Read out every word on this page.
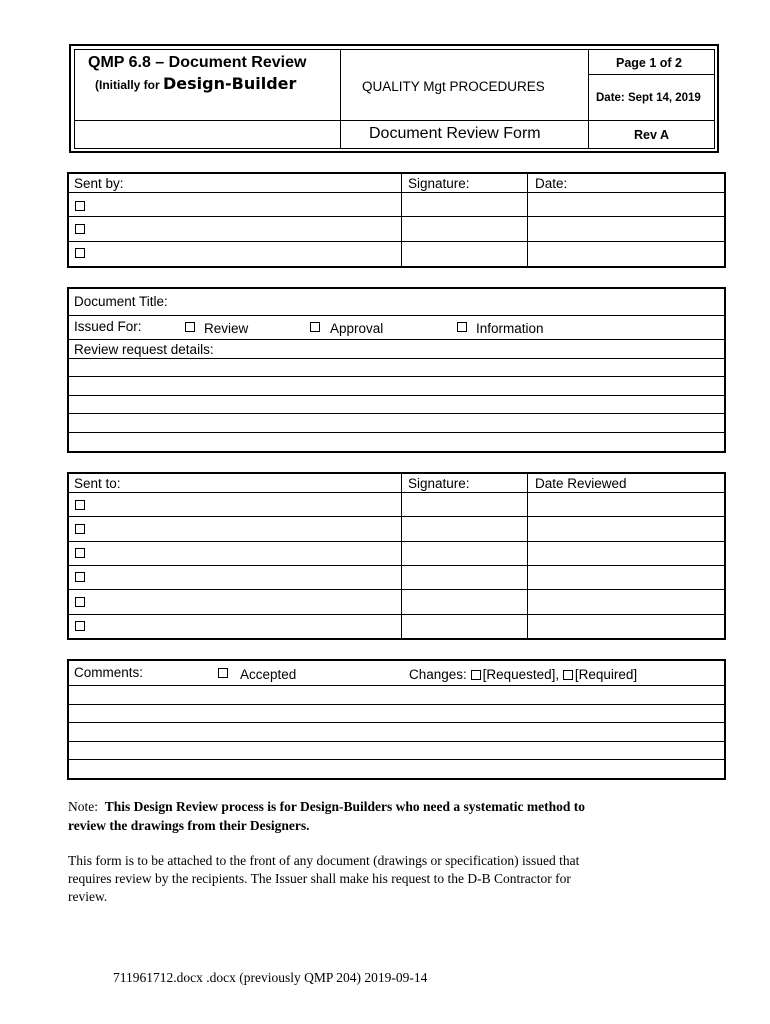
QMP 6.8 – Document Review
(Initially for Design-Builder	QUALITY Mgt PROCEDURES
Page 1 of 2
Date: Sept 14, 2019
Document Review Form	Rev A
Sent by:	Signature:	Date:
Document Title:
Issued For:	Review	Approval	Information
Review request details:
Sent to:	Signature:	Date Reviewed
Comments:	Accepted	Changes: [Requested], [Required]
Note: This Design Review process is for Design-Builders who need a systematic method to
review the drawings from their Designers.
This form is to be attached to the front of any document (drawings or specification) issued that
requires review by the recipients. The Issuer shall make his request to the D-B Contractor for
review.
711961712.docx .docx (previously QMP 204) 2019-09-14
